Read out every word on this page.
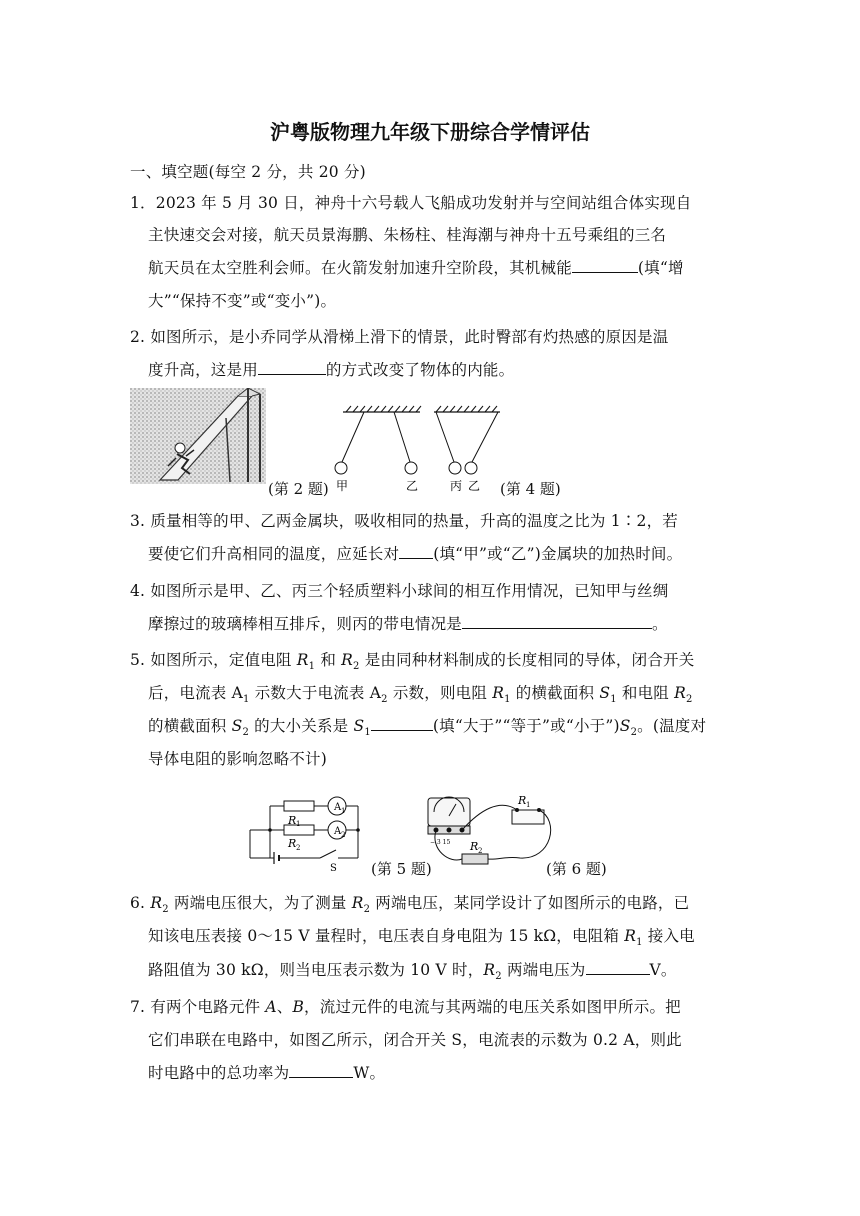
沪粤版物理九年级下册综合学情评估
一、填空题(每空 2 分，共 20 分)
1．2023 年 5 月 30 日，神舟十六号载人飞船成功发射并与空间站组合体实现自
主快速交会对接，航天员景海鹏、朱杨柱、桂海潮与神舟十五号乘组的三名
航天员在太空胜利会师。在火箭发射加速升空阶段，其机械能	(填“增
大”“保持不变”或“变小”)。
2. 如图所示，是小乔同学从滑梯上滑下的情景，此时臀部有灼热感的原因是温
度升高，这是用	的方式改变了物体的内能。
(第 2 题) 甲	乙	丙 乙 (第 4 题)
3. 质量相等的甲、乙两金属块，吸收相同的热量，升高的温度之比为 1∶2，若
要使它们升高相同的温度，应延长对 (填“甲”或“乙”)金属块的加热时间。
4. 如图所示是甲、乙、丙三个轻质塑料小球间的相互作用情况，已知甲与丝绸
摩擦过的玻璃棒相互排斥，则丙的带电情况是	。
5. 如图所示，定值电阻 $R_1$ 和 $R_2$ 是由同种材料制成的长度相同的导体，闭合开关
后，电流表 $A_1$ 示数大于电流表 $A_2$ 示数，则电阻 $R_1$ 的横截面积 $S_1$ 和电阻 $R_2$
的横截面积 $S_2$ 的大小关系是 $S_1$	(填“大于”“等于”或“小于$”)S_2$。(温度对
导体电阻的影响忽略不计)
A 1
A 2
R 1
R 2
S (第 5 题)
− 3 15
R 1
R 2
(第 6 题)
6. $R_2$ 两端电压很大，为了测量 $R_2$ 两端电压，某同学设计了如图所示的电路，已
知该电压表接 0～15 V 量程时，电压表自身电阻为 15 kΩ，电阻箱 $R_1$ 接入电
路阻值为 30 kΩ，则当电压表示数为 10 V 时，$R_2$ 两端电压为	V。
7. 有两个电路元件 A、B，流过元件的电流与其两端的电压关系如图甲所示。把
它们串联在电路中，如图乙所示，闭合开关 S，电流表的示数为 0.2 A，则此
时电路中的总功率为	W。
